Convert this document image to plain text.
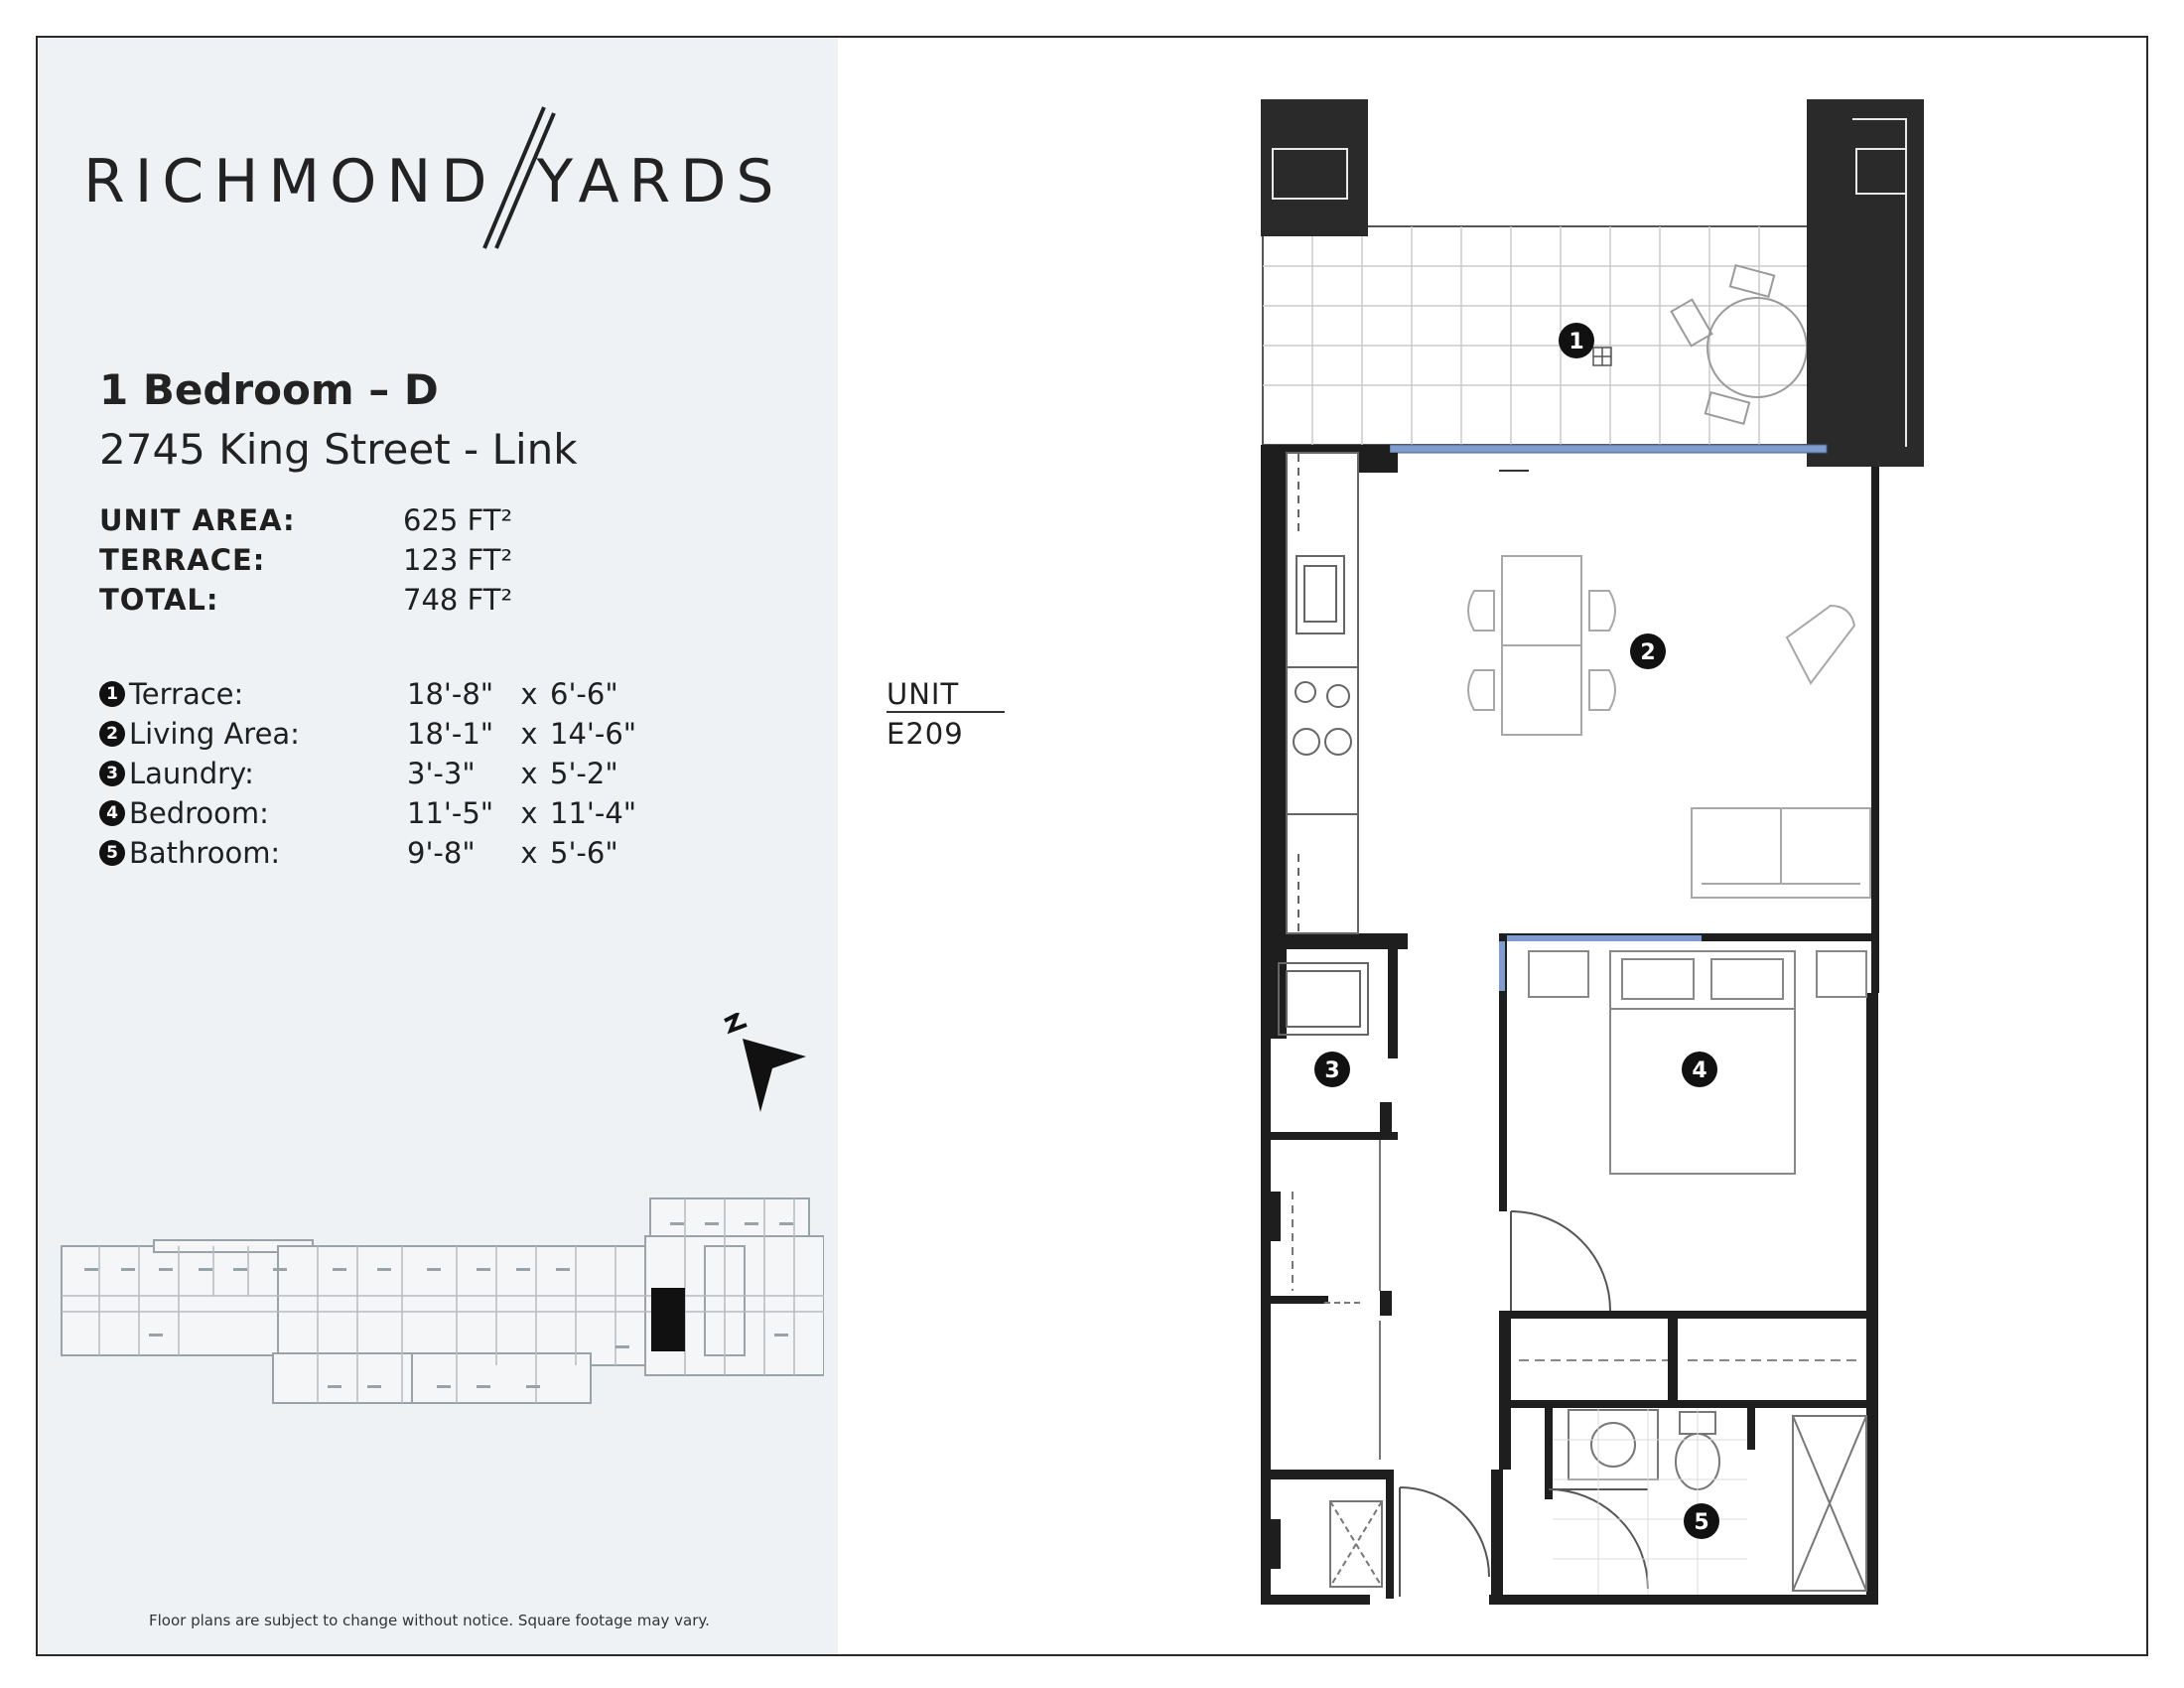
RICHMOND YARDS
1 Bedroom – D
2745 King Street - Link
UNIT AREA:	625 FT²
TERRACE:	123 FT²
TOTAL:	748 FT²
1 Terrace:	18'-8" x 6'-6"
2 Living Area:	18'-1" x 14'-6"
3 Laundry:	3'-3"	x 5'-2"
4 Bedroom:	11'-5" x 11'-4"
5 Bathroom:	9'-8"	x 5'-6"
Floor plans are subject to change without notice. Square footage may vary.
UNIT
E209
1
2
3	4
5
